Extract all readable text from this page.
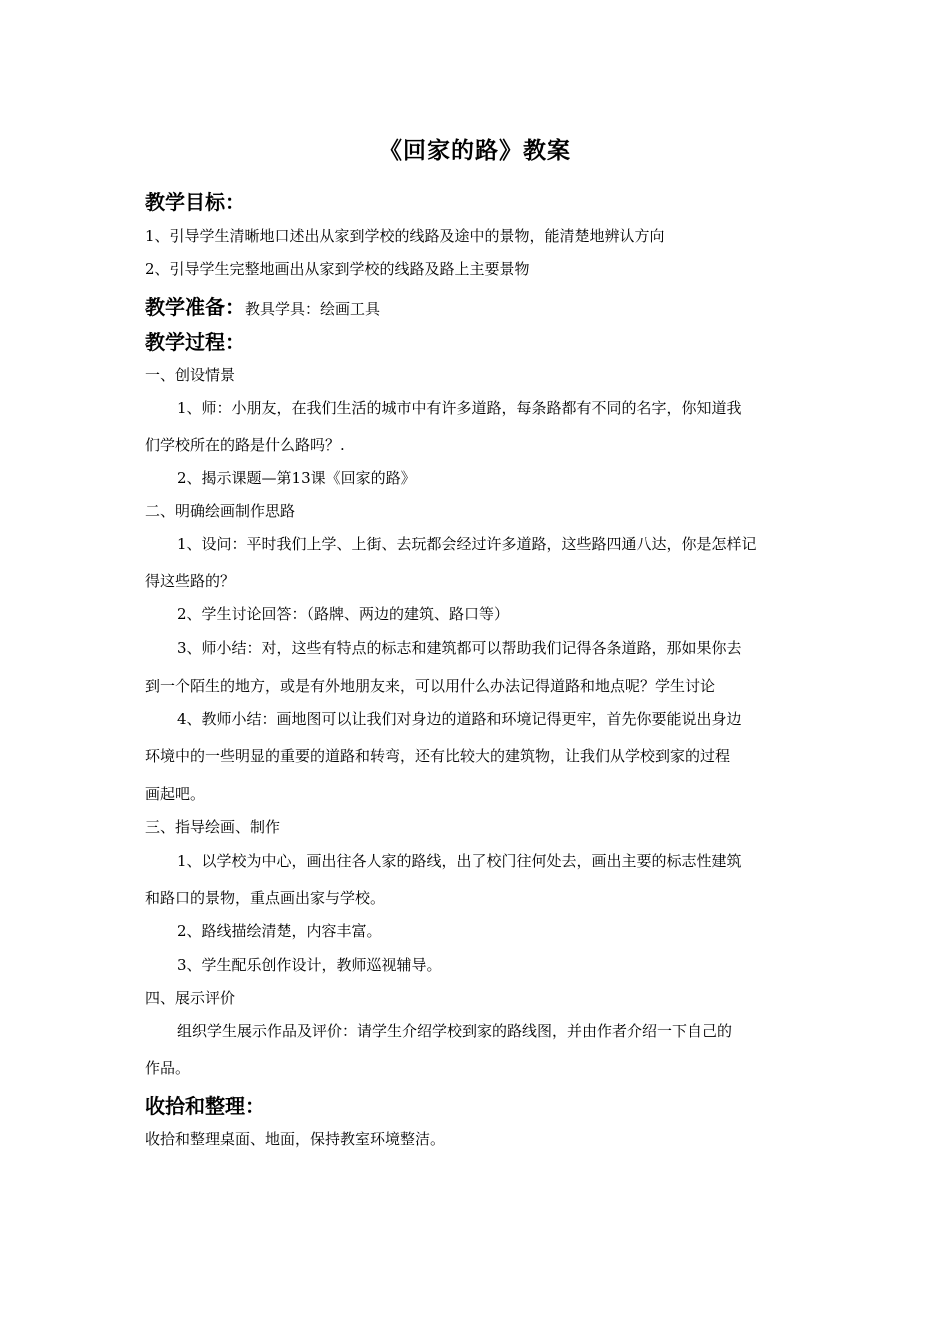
《回家的路》教案
教学目标：
1、引导学生清晰地口述出从家到学校的线路及途中的景物，能清楚地辨认方向
2、引导学生完整地画出从家到学校的线路及路上主要景物
教学准备：教具学具：绘画工具
教学过程：
一、创设情景
1、师：小朋友，在我们生活的城市中有许多道路，每条路都有不同的名字，你知道我
们学校所在的路是什么路吗？.
2、揭示课题—第13课《回家的路》
二、明确绘画制作思路
1、设问：平时我们上学、上街、去玩都会经过许多道路，这些路四通八达，你是怎样记
得这些路的？
2、学生讨论回答：（路牌、两边的建筑、路口等）
3、师小结：对，这些有特点的标志和建筑都可以帮助我们记得各条道路，那如果你去
到一个陌生的地方，或是有外地朋友来，可以用什么办法记得道路和地点呢？学生讨论
4、教师小结：画地图可以让我们对身边的道路和环境记得更牢，首先你要能说出身边
环境中的一些明显的重要的道路和转弯，还有比较大的建筑物，让我们从学校到家的过程
画起吧。
三、指导绘画、制作
1、以学校为中心，画出往各人家的路线，出了校门往何处去，画出主要的标志性建筑
和路口的景物，重点画出家与学校。
2、路线描绘清楚，内容丰富。
3、学生配乐创作设计，教师巡视辅导。
四、展示评价
组织学生展示作品及评价：请学生介绍学校到家的路线图，并由作者介绍一下自己的
作品。
收拾和整理：
收拾和整理桌面、地面，保持教室环境整洁。
